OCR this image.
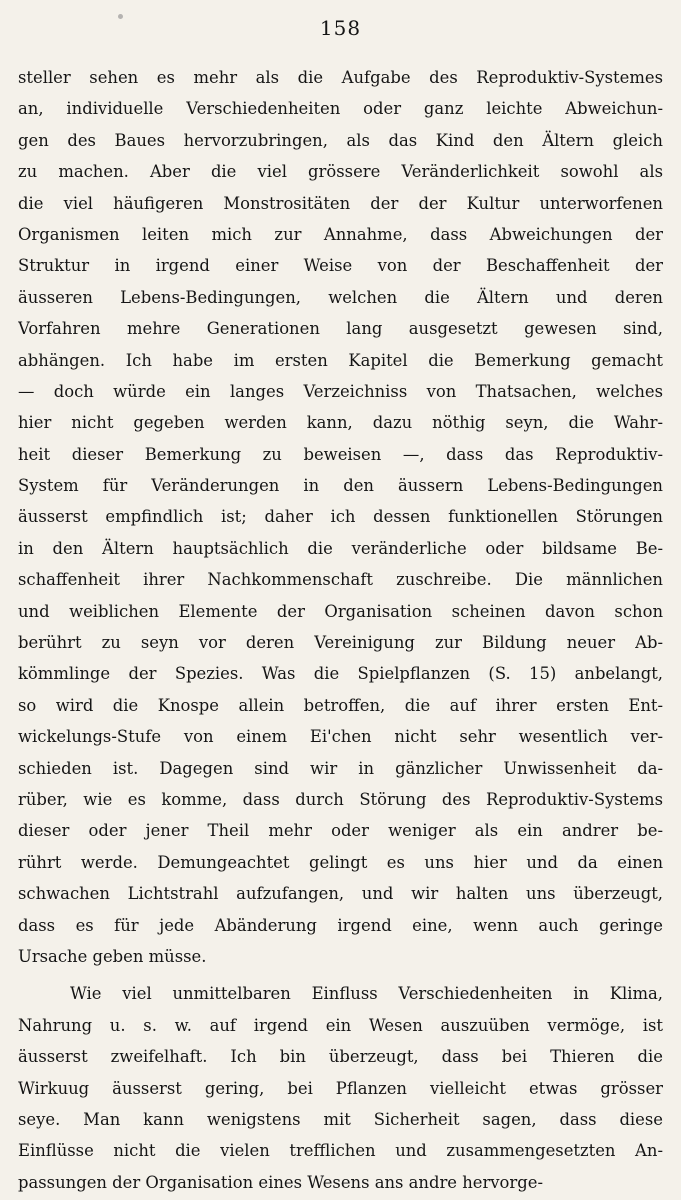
158
steller sehen es mehr als die Aufgabe des Reproduktiv-Systemes
an, individuelle Verschiedenheiten oder ganz leichte Abweichun-
gen des Baues hervorzubringen, als das Kind den Ältern gleich
zu machen. Aber die viel grössere Veränderlichkeit sowohl als
die viel häufigeren Monstrositäten der der Kultur unterworfenen
Organismen leiten mich zur Annahme, dass Abweichungen der
Struktur in irgend einer Weise von der Beschaffenheit der
äusseren Lebens-Bedingungen, welchen die Ältern und deren
Vorfahren mehre Generationen lang ausgesetzt gewesen sind,
abhängen. Ich habe im ersten Kapitel die Bemerkung gemacht
— doch würde ein langes Verzeichniss von Thatsachen, welches
hier nicht gegeben werden kann, dazu nöthig seyn, die Wahr-
heit dieser Bemerkung zu beweisen —, dass das Reproduktiv-
System für Veränderungen in den äussern Lebens-Bedingungen
äusserst empfindlich ist; daher ich dessen funktionellen Störungen
in den Ältern hauptsächlich die veränderliche oder bildsame Be-
schaffenheit ihrer Nachkommenschaft zuschreibe. Die männlichen
und weiblichen Elemente der Organisation scheinen davon schon
berührt zu seyn vor deren Vereinigung zur Bildung neuer Ab-
kömmlinge der Spezies. Was die Spielpflanzen (S. 15) anbelangt,
so wird die Knospe allein betroffen, die auf ihrer ersten Ent-
wickelungs-Stufe von einem Ei'chen nicht sehr wesentlich ver-
schieden ist. Dagegen sind wir in gänzlicher Unwissenheit da-
rüber, wie es komme, dass durch Störung des Reproduktiv-Systems
dieser oder jener Theil mehr oder weniger als ein andrer be-
rührt werde. Demungeachtet gelingt es uns hier und da einen
schwachen Lichtstrahl aufzufangen, und wir halten uns überzeugt,
dass es für jede Abänderung irgend eine, wenn auch geringe
Ursache geben müsse.
Wie viel unmittelbaren Einfluss Verschiedenheiten in Klima,
Nahrung u. s. w. auf irgend ein Wesen auszuüben vermöge, ist
äusserst zweifelhaft. Ich bin überzeugt, dass bei Thieren die
Wirkuug äusserst gering, bei Pflanzen vielleicht etwas grösser
seye. Man kann wenigstens mit Sicherheit sagen, dass diese
Einflüsse nicht die vielen trefflichen und zusammengesetzten An-
passungen der Organisation eines Wesens ans andre hervorge-
